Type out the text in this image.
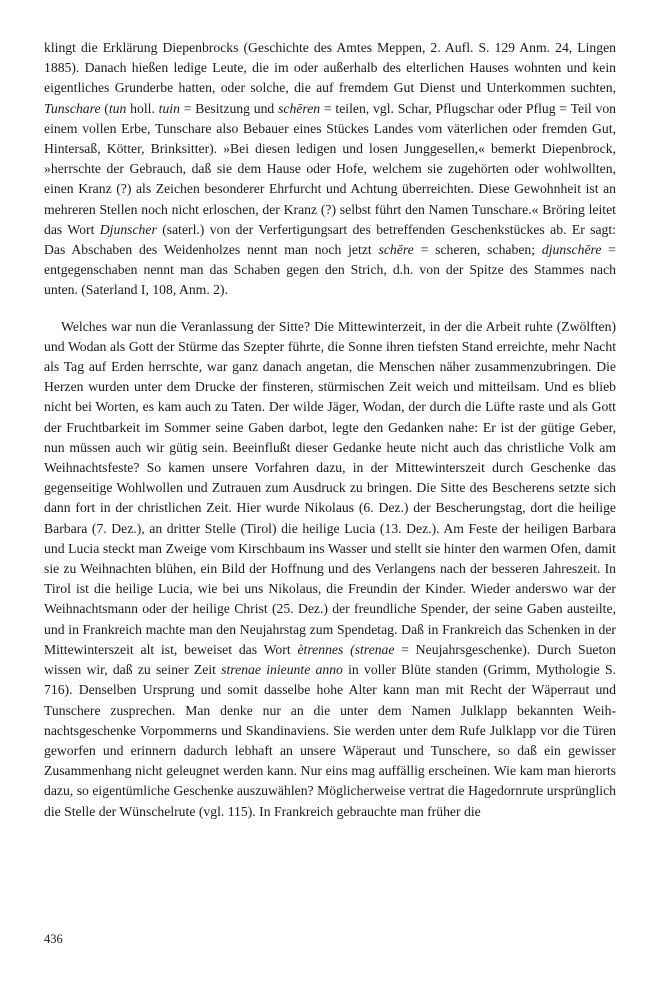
klingt die Erklärung Diepenbrocks (Geschichte des Amtes Meppen, 2. Aufl. S. 129 Anm. 24, Lingen 1885). Danach hießen ledige Leute, die im oder außerhalb des elterlichen Hauses wohnten und kein eigentliches Grunderbe hatten, oder solche, die auf fremdem Gut Dienst und Unterkommen suchten, Tunschare (tun holl. tuin = Besitzung und schēren = teilen, vgl. Schar, Pflugschar oder Pflug = Teil von einem vollen Erbe, Tunschare also Bebauer eines Stückes Landes vom väterlichen oder fremden Gut, Hintersaß, Kötter, Brinksitter). »Bei diesen ledigen und losen Junggesellen,« bemerkt Diepenbrock, »herrschte der Gebrauch, daß sie dem Hause oder Hofe, welchem sie zugehörten oder wohlwollten, einen Kranz (?) als Zeichen besonderer Ehrfurcht und Achtung überreichten. Diese Gewohnheit ist an mehreren Stellen noch nicht erloschen, der Kranz (?) selbst führt den Namen Tunschare.« Bröring leitet das Wort Djunscher (saterl.) von der Verfertigungsart des betreffenden Geschenkstückes ab. Er sagt: Das Abschaben des Weidenholzes nennt man noch jetzt schēre = scheren, schaben; djunschēre = entgegenschaben nennt man das Schaben gegen den Strich, d.h. von der Spitze des Stammes nach unten. (Saterland I, 108, Anm. 2).

Welches war nun die Veranlassung der Sitte? Die Mittewinterzeit, in der die Arbeit ruhte (Zwölften) und Wodan als Gott der Stürme das Szepter führte, die Sonne ihren tiefsten Stand erreichte, mehr Nacht als Tag auf Erden herrschte, war ganz danach angetan, die Menschen näher zusammenzubringen. Die Herzen wurden unter dem Drucke der finsteren, stürmischen Zeit weich und mitteilsam. Und es blieb nicht bei Worten, es kam auch zu Taten. Der wilde Jäger, Wodan, der durch die Lüfte raste und als Gott der Fruchtbarkeit im Sommer seine Gaben darbot, legte den Gedanken nahe: Er ist der gütige Geber, nun müssen auch wir gütig sein. Beeinflußt dieser Gedanke heute nicht auch das christliche Volk am Weihnachtsfeste? So kamen unsere Vorfahren dazu, in der Mittewinterszeit durch Geschenke das gegenseitige Wohlwollen und Zutrauen zum Ausdruck zu bringen. Die Sitte des Bescherens setzte sich dann fort in der christlichen Zeit. Hier wurde Nikolaus (6. Dez.) der Bescherungstag, dort die heilige Barbara (7. Dez.), an dritter Stelle (Tirol) die heilige Lucia (13. Dez.). Am Feste der heiligen Barbara und Lucia steckt man Zweige vom Kirschbaum ins Wasser und stellt sie hinter den warmen Ofen, damit sie zu Weihnachten blühen, ein Bild der Hoffnung und des Verlangens nach der besseren Jahreszeit. In Tirol ist die heilige Lucia, wie bei uns Nikolaus, die Freundin der Kinder. Wieder anderswo war der Weihnachtsmann oder der heilige Christ (25. Dez.) der freundliche Spender, der seine Gaben austeilte, und in Frankreich machte man den Neujahrstag zum Spendetag. Daß in Frankreich das Schenken in der Mittewinterszeit alt ist, beweiset das Wort ètrennes (strenae = Neujahrsgeschenke). Durch Sueton wissen wir, daß zu seiner Zeit strenae inieunte anno in voller Blüte standen (Grimm, Mythologie S. 716). Denselben Ursprung und somit dasselbe hohe Alter kann man mit Recht der Wäperraut und Tunschere zusprechen. Man denke nur an die unter dem Namen Julklapp bekannten Weihnachtsgeschenke Vorpommerns und Skandinaviens. Sie werden unter dem Rufe Julklapp vor die Türen geworfen und erinnern dadurch lebhaft an unsere Wäperaut und Tunschere, so daß ein gewisser Zusammenhang nicht geleugnet werden kann. Nur eins mag auffällig erscheinen. Wie kam man hierorts dazu, so eigentümliche Geschenke auszuwählen? Möglicherweise vertrat die Hagedornrute ursprünglich die Stelle der Wünschelrute (vgl. 115). In Frankreich gebrauchte man früher die

436
